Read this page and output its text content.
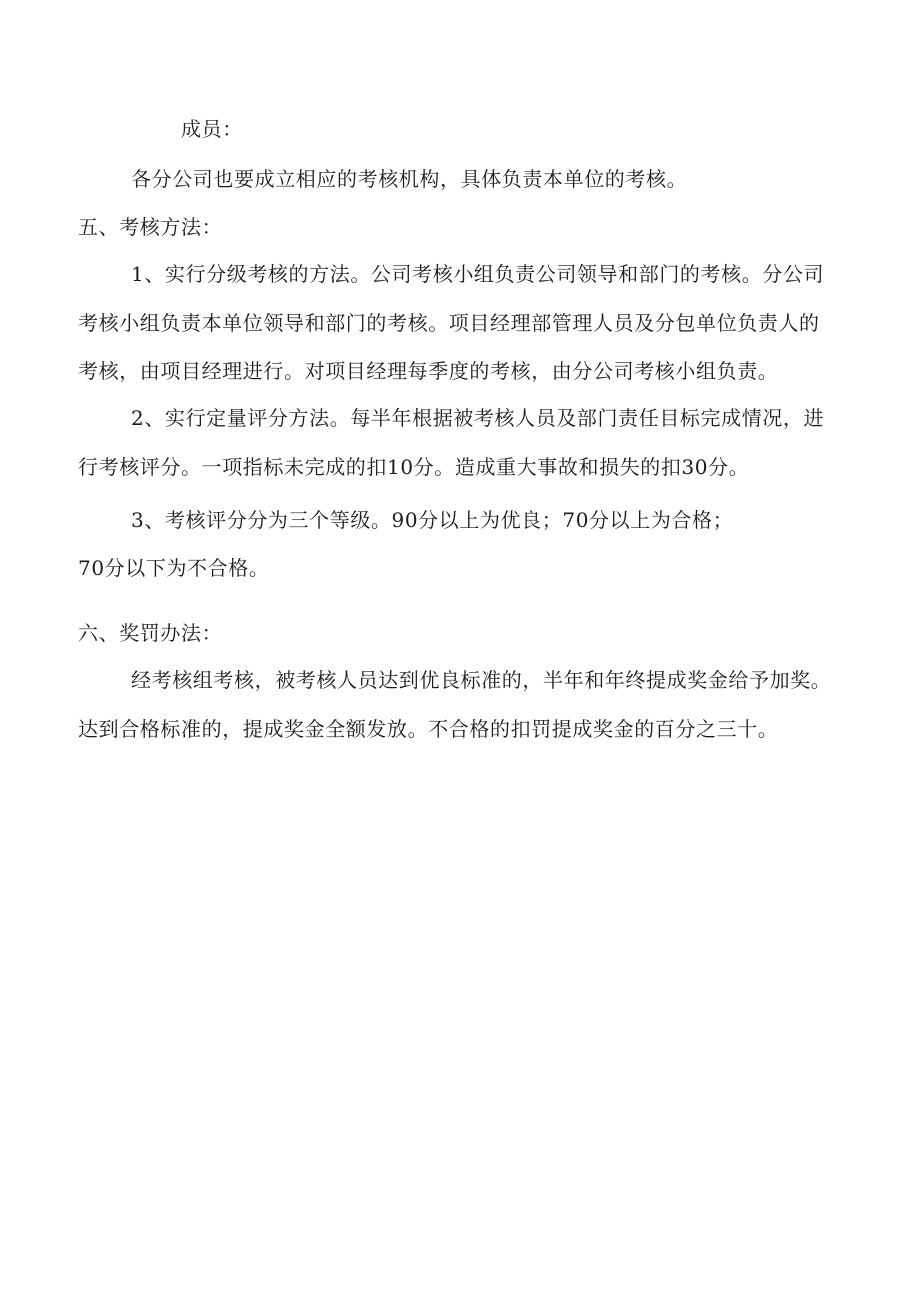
成员：
各分公司也要成立相应的考核机构，具体负责本单位的考核。
五、考核方法：
1、实行分级考核的方法。公司考核小组负责公司领导和部门的考核。分公司
考核小组负责本单位领导和部门的考核。项目经理部管理人员及分包单位负责人的
考核，由项目经理进行。对项目经理每季度的考核，由分公司考核小组负责。
2、实行定量评分方法。每半年根据被考核人员及部门责任目标完成情况，进
行考核评分。一项指标未完成的扣10分。造成重大事故和损失的扣30分。
3、考核评分分为三个等级。90分以上为优良；70分以上为合格；
70分以下为不合格。
六、奖罚办法：
经考核组考核，被考核人员达到优良标准的，半年和年终提成奖金给予加奖。
达到合格标准的，提成奖金全额发放。不合格的扣罚提成奖金的百分之三十。
